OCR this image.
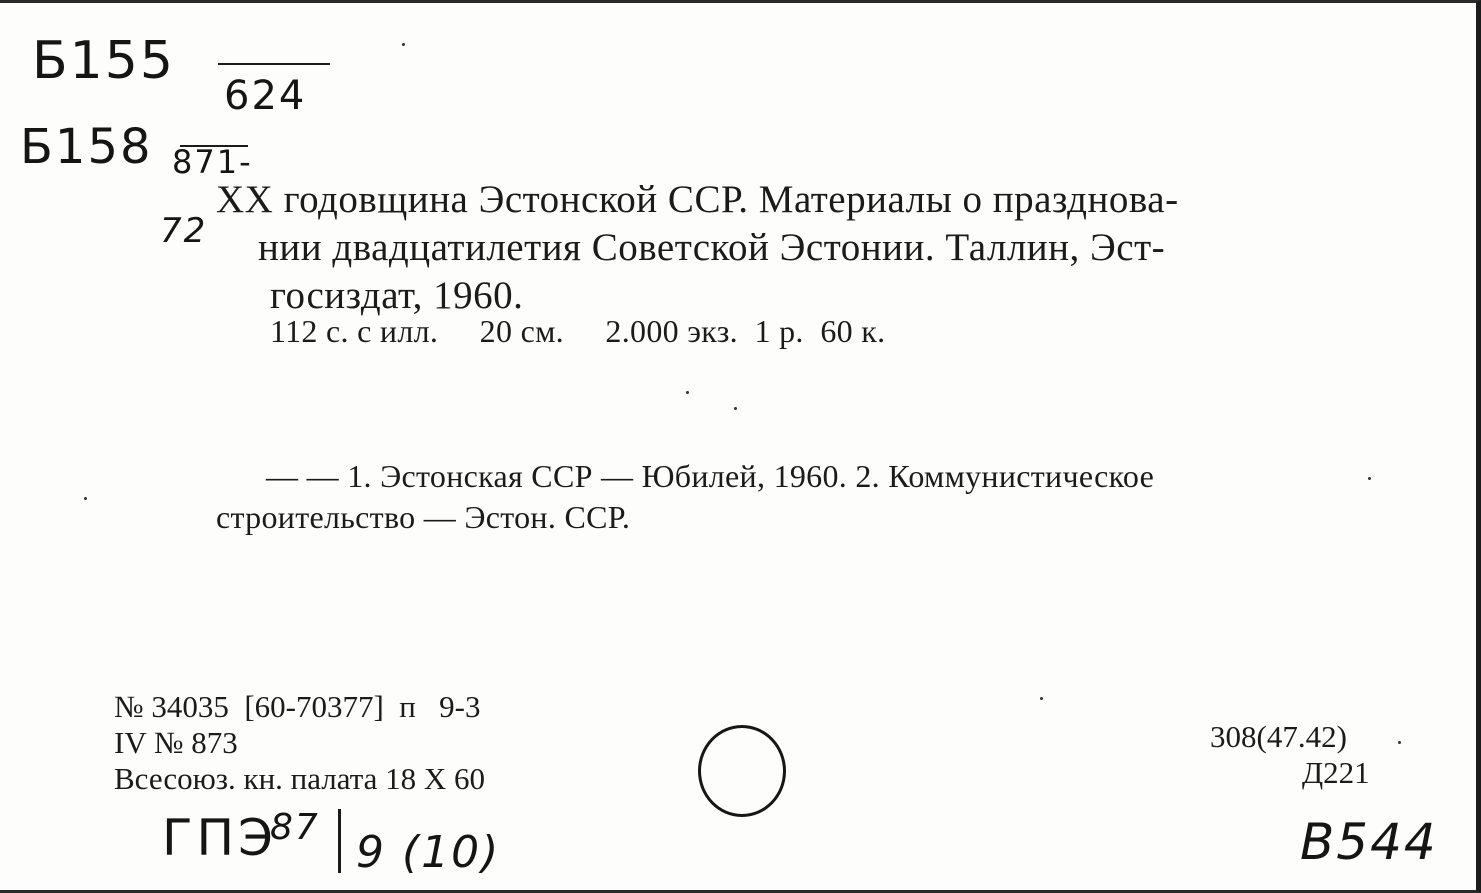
Б155
624
Б158 871-
72
XX годовщина Эстонской ССР. Материалы о празднова-
нии двадцатилетия Советской Эстонии. Таллин, Эст-
госиздат, 1960.
112 с. с илл.     20 см.     2.000 экз.  1 р.  60 к.
— — 1. Эстонская ССР — Юбилей, 1960. 2. Коммунистическое
строительство — Эстон. ССР.
№ 34035  [60-70377]  п   9-3
IV № 873
Всесоюз. кн. палата 18 X 60
308(47.42)
Д221
ГПЭ
87 9 (10)	В544
